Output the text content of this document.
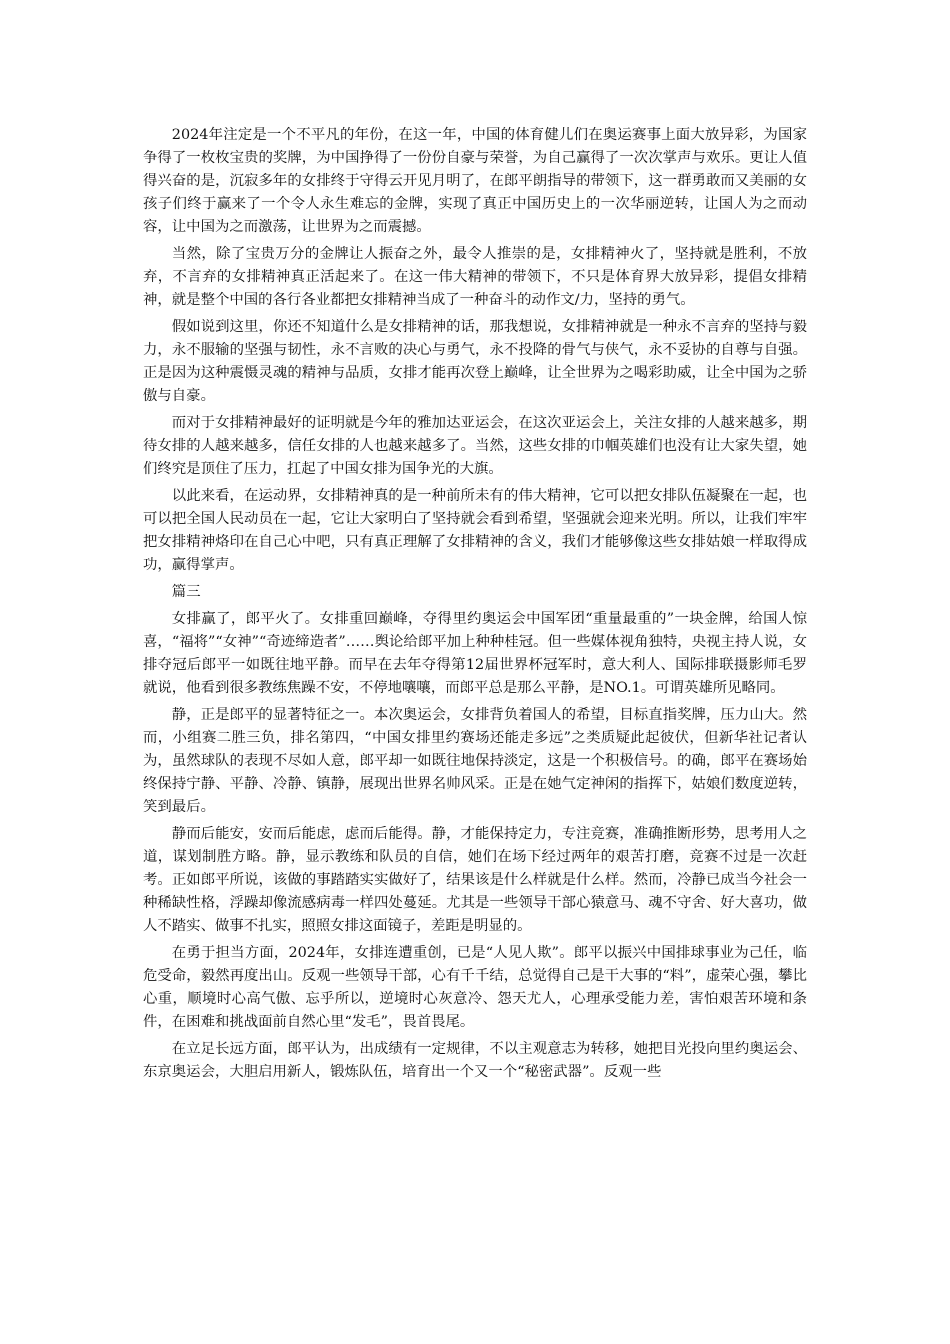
2024年注定是一个不平凡的年份，在这一年，中国的体育健儿们在奥运赛事上面大放异彩，为国家争得了一枚枚宝贵的奖牌，为中国挣得了一份份自豪与荣誉，为自己赢得了一次次掌声与欢乐。更让人值得兴奋的是，沉寂多年的女排终于守得云开见月明了，在郎平朗指导的带领下，这一群勇敢而又美丽的女孩子们终于赢来了一个令人永生难忘的金牌，实现了真正中国历史上的一次华丽逆转，让国人为之而动容，让中国为之而激荡，让世界为之而震撼。

当然，除了宝贵万分的金牌让人振奋之外，最令人推崇的是，女排精神火了，坚持就是胜利，不放弃，不言弃的女排精神真正活起来了。在这一伟大精神的带领下，不只是体育界大放异彩，提倡女排精神，就是整个中国的各行各业都把女排精神当成了一种奋斗的动作文/力，坚持的勇气。

假如说到这里，你还不知道什么是女排精神的话，那我想说，女排精神就是一种永不言弃的坚持与毅力，永不服输的坚强与韧性，永不言败的决心与勇气，永不投降的骨气与侠气，永不妥协的自尊与自强。正是因为这种震慑灵魂的精神与品质，女排才能再次登上巅峰，让全世界为之喝彩助威，让全中国为之骄傲与自豪。

而对于女排精神最好的证明就是今年的雅加达亚运会，在这次亚运会上，关注女排的人越来越多，期待女排的人越来越多，信任女排的人也越来越多了。当然，这些女排的巾帼英雄们也没有让大家失望，她们终究是顶住了压力，扛起了中国女排为国争光的大旗。

以此来看，在运动界，女排精神真的是一种前所未有的伟大精神，它可以把女排队伍凝聚在一起，也可以把全国人民动员在一起，它让大家明白了坚持就会看到希望，坚强就会迎来光明。所以，让我们牢牢把女排精神烙印在自己心中吧，只有真正理解了女排精神的含义，我们才能够像这些女排姑娘一样取得成功，赢得掌声。

篇三

女排赢了，郎平火了。女排重回巅峰，夺得里约奥运会中国军团“重量最重的”一块金牌，给国人惊喜，“福将”“女神”“奇迹缔造者”……舆论给郎平加上种种桂冠。但一些媒体视角独特，央视主持人说，女排夺冠后郎平一如既往地平静。而早在去年夺得第12届世界杯冠军时，意大利人、国际排联摄影师毛罗就说，他看到很多教练焦躁不安，不停地嚷嚷，而郎平总是那么平静，是NO.1。可谓英雄所见略同。

静，正是郎平的显著特征之一。本次奥运会，女排背负着国人的希望，目标直指奖牌，压力山大。然而，小组赛二胜三负，排名第四，“中国女排里约赛场还能走多远”之类质疑此起彼伏，但新华社记者认为，虽然球队的表现不尽如人意，郎平却一如既往地保持淡定，这是一个积极信号。的确，郎平在赛场始终保持宁静、平静、冷静、镇静，展现出世界名帅风采。正是在她气定神闲的指挥下，姑娘们数度逆转，笑到最后。

静而后能安，安而后能虑，虑而后能得。静，才能保持定力，专注竞赛，准确推断形势，思考用人之道，谋划制胜方略。静，显示教练和队员的自信，她们在场下经过两年的艰苦打磨，竞赛不过是一次赶考。正如郎平所说，该做的事踏踏实实做好了，结果该是什么样就是什么样。然而，冷静已成当今社会一种稀缺性格，浮躁却像流感病毒一样四处蔓延。尤其是一些领导干部心猿意马、魂不守舍、好大喜功，做人不踏实、做事不扎实，照照女排这面镜子，差距是明显的。

在勇于担当方面，2024年，女排连遭重创，已是“人见人欺”。郎平以振兴中国排球事业为己任，临危受命，毅然再度出山。反观一些领导干部，心有千千结，总觉得自己是干大事的“料”，虚荣心强，攀比心重，顺境时心高气傲、忘乎所以，逆境时心灰意冷、怨天尤人，心理承受能力差，害怕艰苦环境和条件，在困难和挑战面前自然心里“发毛”，畏首畏尾。

在立足长远方面，郎平认为，出成绩有一定规律，不以主观意志为转移，她把目光投向里约奥运会、东京奥运会，大胆启用新人，锻炼队伍，培育出一个又一个“秘密武器”。反观一些
